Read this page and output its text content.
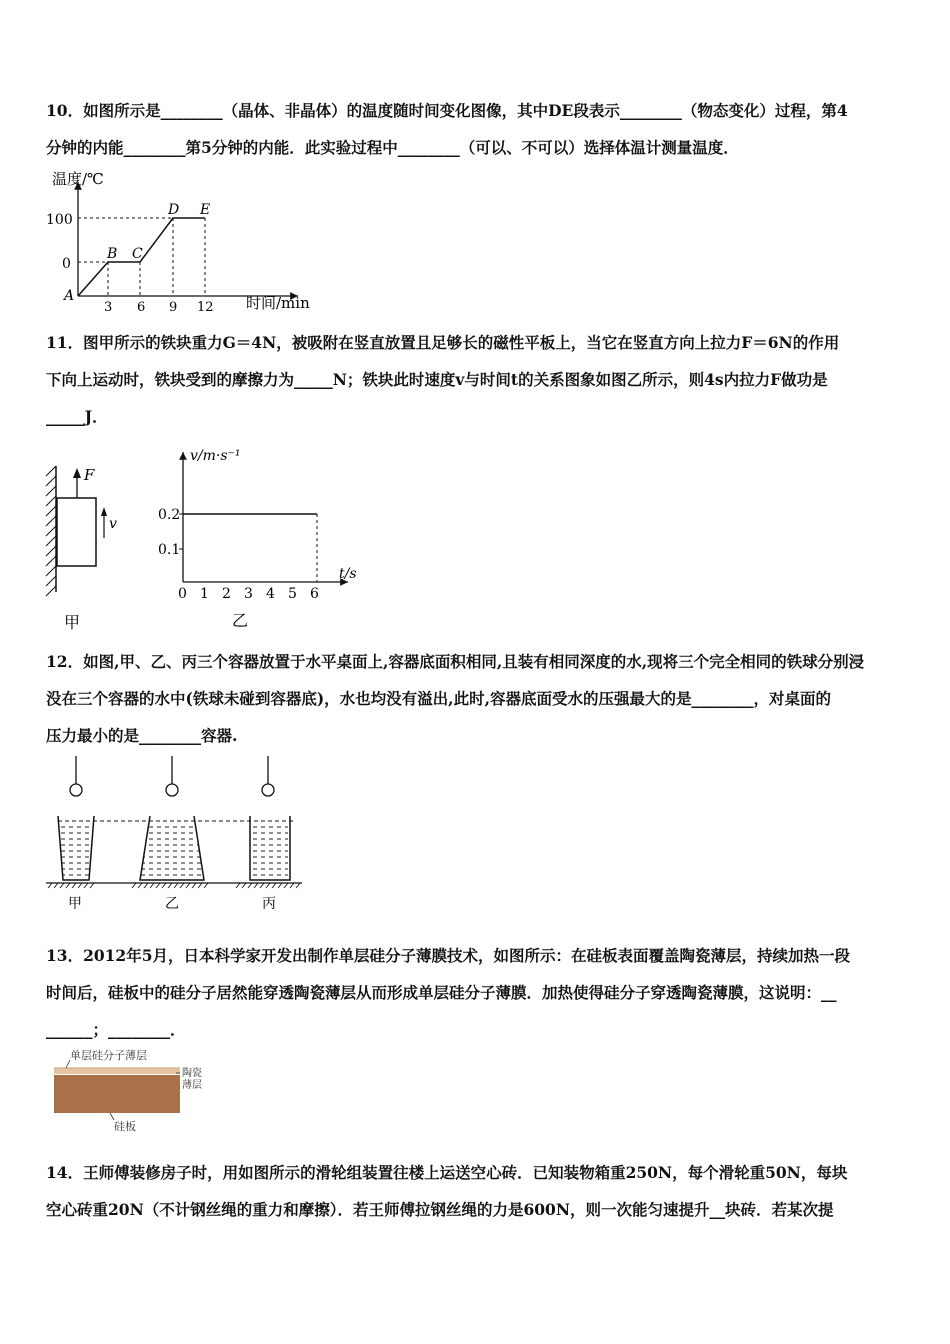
10．如图所示是________（晶体、非晶体）的温度随时间变化图像，其中DE段表示________（物态变化）过程，第4

分钟的内能________第5分钟的内能．此实验过程中________（可以、不可以）选择体温计测量温度．

温度/℃
时间/min
100
0
3 6 9 12
A
B C
D E

11．图甲所示的铁块重力G＝4N，被吸附在竖直放置且足够长的磁性平板上，当它在竖直方向上拉力F＝6N的作用

下向上运动时，铁块受到的摩擦力为_____N；铁块此时速度v与时间t的关系图象如图乙所示，则4s内拉力F做功是

_____J．

F
v
甲
v/m·s⁻¹
t/s
0.2
0.1
0 1 2 3 4 5 6
乙

12．如图,甲、乙、丙三个容器放置于水平桌面上,容器底面积相同,且装有相同深度的水,现将三个完全相同的铁球分别浸

没在三个容器的水中(铁球未碰到容器底)，水也均没有溢出,此时,容器底面受水的压强最大的是________，对桌面的

压力最小的是________容器.

甲	乙	丙

13．2012年5月，日本科学家开发出制作单层硅分子薄膜技术，如图所示：在硅板表面覆盖陶瓷薄层，持续加热一段

时间后，硅板中的硅分子居然能穿透陶瓷薄层从而形成单层硅分子薄膜．加热使得硅分子穿透陶瓷薄膜，这说明：__

______；________．

单层硅分子薄层
陶瓷
薄层
硅板

14．王师傅装修房子时，用如图所示的滑轮组装置往楼上运送空心砖．已知装物箱重250N，每个滑轮重50N，每块

空心砖重20N（不计钢丝绳的重力和摩擦）．若王师傅拉钢丝绳的力是600N，则一次能匀速提升__块砖．若某次提
